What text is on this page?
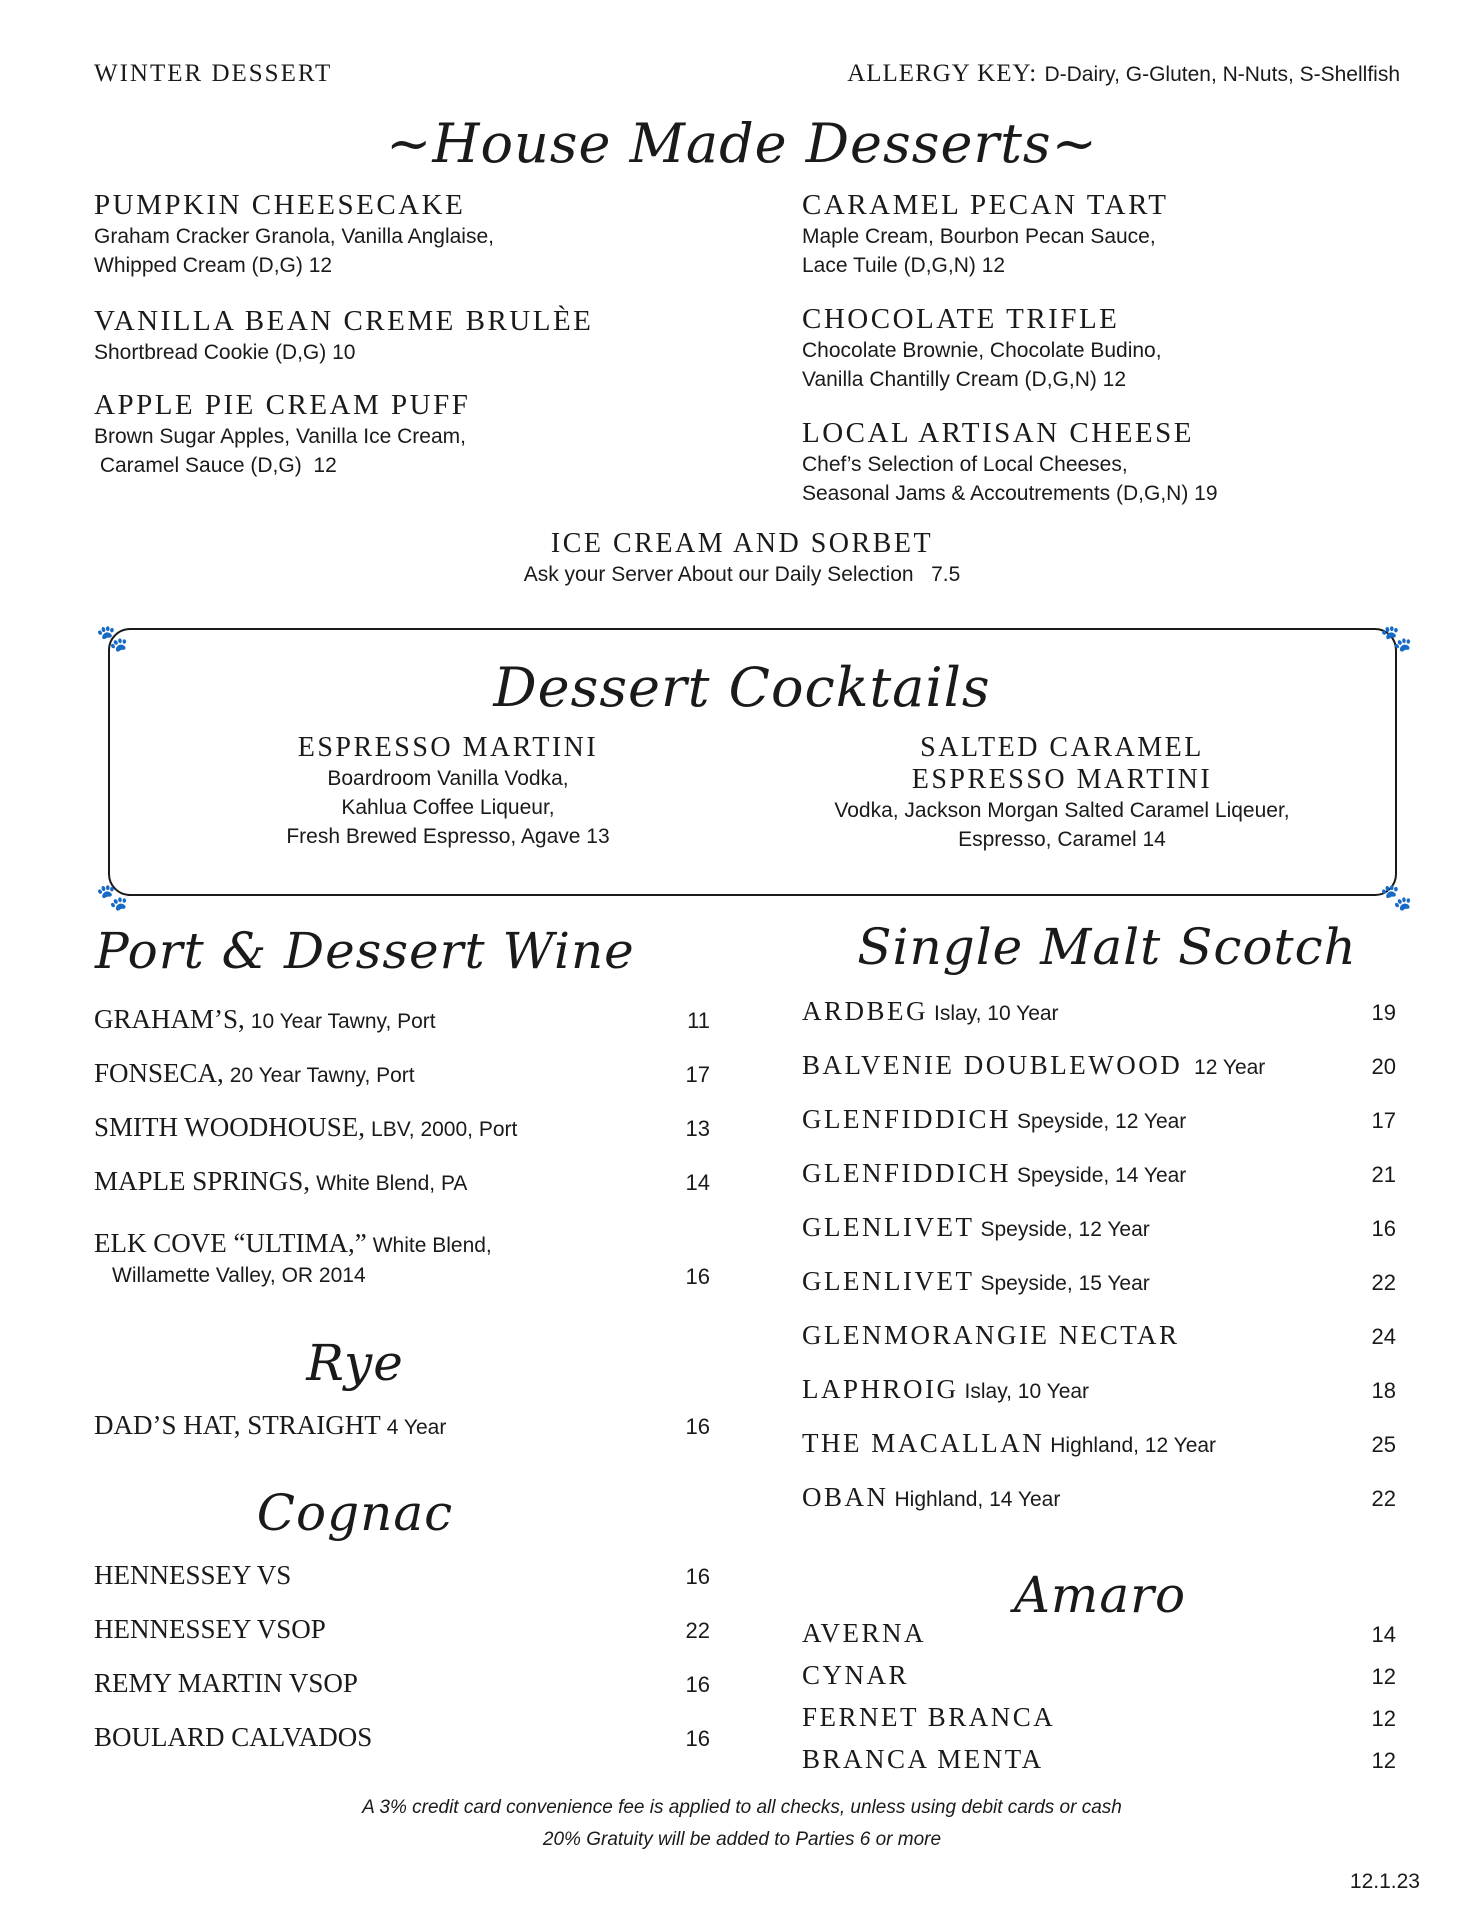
WINTER DESSERT	ALLERGY KEY: D-Dairy, G-Gluten, N-Nuts, S-Shellfish
~House Made Desserts~
PUMPKIN CHEESECAKE
Graham Cracker Granola, Vanilla Anglaise,
Whipped Cream (D,G) 12
VANILLA BEAN CREME BRULÈE
Shortbread Cookie (D,G) 10
APPLE PIE CREAM PUFF
Brown Sugar Apples, Vanilla Ice Cream,
Caramel Sauce (D,G)  12
CARAMEL PECAN TART
Maple Cream, Bourbon Pecan Sauce,
Lace Tuile (D,G,N) 12
CHOCOLATE TRIFLE
Chocolate Brownie, Chocolate Budino,
Vanilla Chantilly Cream (D,G,N) 12
LOCAL ARTISAN CHEESE
Chef’s Selection of Local Cheeses,
Seasonal Jams & Accoutrements (D,G,N) 19
ICE CREAM AND SORBET
Ask your Server About our Daily Selection   7.5
🐾	🐾
🐾	🐾
Dessert Cocktails
ESPRESSO MARTINI
Boardroom Vanilla Vodka,
Kahlua Coffee Liqueur,
Fresh Brewed Espresso, Agave 13
SALTED CARAMEL
ESPRESSO MARTINI
Vodka, Jackson Morgan Salted Caramel Liqeuer,
Espresso, Caramel 14
Port & Dessert Wine
GRAHAM’S, 10 Year Tawny, Port	11
FONSECA, 20 Year Tawny, Port	17
SMITH WOODHOUSE, LBV, 2000, Port	13
MAPLE SPRINGS, White Blend, PA	14
ELK COVE “ULTIMA,” White Blend,
Willamette Valley, OR 2014	16
Rye
DAD’S HAT, STRAIGHT 4 Year	16
Cognac
HENNESSEY VS	16
HENNESSEY VSOP	22
REMY MARTIN VSOP	16
BOULARD CALVADOS	16
Single Malt Scotch
ARDBEG Islay, 10 Year	19
BALVENIE DOUBLEWOOD 12 Year	20
GLENFIDDICH Speyside, 12 Year	17
GLENFIDDICH Speyside, 14 Year	21
GLENLIVET Speyside, 12 Year	16
GLENLIVET Speyside, 15 Year	22
GLENMORANGIE NECTAR	24
LAPHROIG Islay, 10 Year	18
THE MACALLAN Highland, 12 Year	25
OBAN Highland, 14 Year	22
Amaro
AVERNA	14
CYNAR	12
FERNET BRANCA	12
BRANCA MENTA	12
A 3% credit card convenience fee is applied to all checks, unless using debit cards or cash
20% Gratuity will be added to Parties 6 or more
12.1.23
